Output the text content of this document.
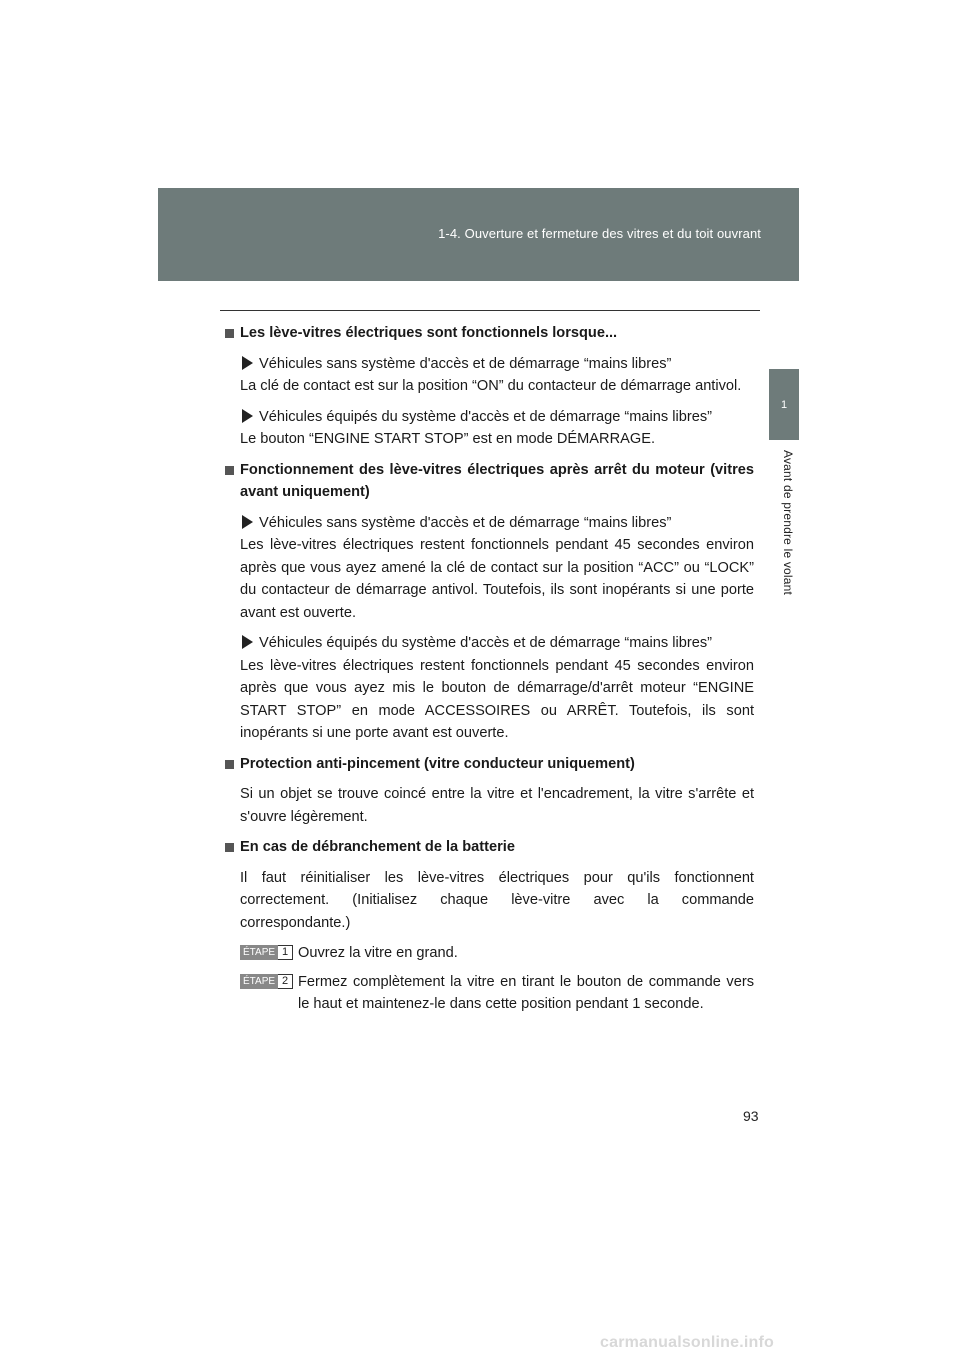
1-4. Ouverture et fermeture des vitres et du toit ouvrant
1
Avant de prendre le volant
Les lève-vitres électriques sont fonctionnels lorsque...
Véhicules sans système d'accès et de démarrage “mains libres”
La clé de contact est sur la position “ON” du contacteur de démarrage antivol.
Véhicules équipés du système d'accès et de démarrage “mains libres”
Le bouton “ENGINE START STOP” est en mode DÉMARRAGE.
Fonctionnement des lève-vitres électriques après arrêt du moteur (vitres avant uniquement)
Véhicules sans système d'accès et de démarrage “mains libres”
Les lève-vitres électriques restent fonctionnels pendant 45 secondes environ après que vous ayez amené la clé de contact sur la position “ACC” ou “LOCK” du contacteur de démarrage antivol. Toutefois, ils sont inopérants si une porte avant est ouverte.
Véhicules équipés du système d'accès et de démarrage “mains libres”
Les lève-vitres électriques restent fonctionnels pendant 45 secondes environ après que vous ayez mis le bouton de démarrage/d'arrêt moteur “ENGINE START STOP” en mode ACCESSOIRES ou ARRÊT. Toutefois, ils sont inopérants si une porte avant est ouverte.
Protection anti-pincement (vitre conducteur uniquement)
Si un objet se trouve coincé entre la vitre et l'encadrement, la vitre s'arrête et s'ouvre légèrement.
En cas de débranchement de la batterie
Il faut réinitialiser les lève-vitres électriques pour qu'ils fonctionnent correctement. (Initialisez chaque lève-vitre avec la commande correspondante.)
ÉTAPE 1 Ouvrez la vitre en grand.
ÉTAPE 2 Fermez complètement la vitre en tirant le bouton de commande vers le haut et maintenez-le dans cette position pendant 1 seconde.
93
carmanualsonline.info
